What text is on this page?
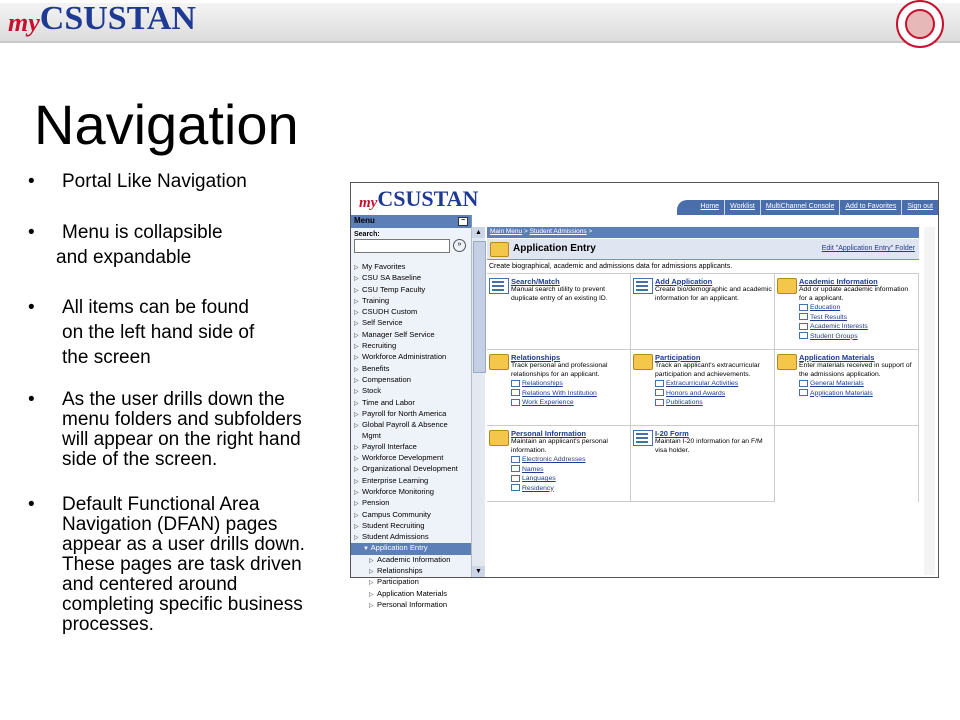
my CSUSTAN
Navigation
• Portal Like Navigation
• Menu is collapsible
and expandable
• All items can be found
on the left hand side of
the screen
• As the user drills down the menu folders and subfolders will appear on the right hand side of the screen.
• Default Functional Area Navigation (DFAN) pages appear as a user drills down. These pages are task driven and centered around completing specific business processes.
my CSUSTAN	Home	Worklist	MultiChannel Console	Add to Favorites	Sign out
Menu	−
Search:
»
▷ My Favorites
▷ CSU SA Baseline
▷ CSU Temp Faculty
▷ Training
▷ CSUDH Custom
▷ Self Service
▷ Manager Self Service
▷ Recruiting
▷ Workforce Administration
▷ Benefits
▷ Compensation
▷ Stock
▷ Time and Labor
▷ Payroll for North America
▷ Global Payroll & Absence
Mgmt
▷ Payroll Interface
▷ Workforce Development
▷ Organizational Development
▷ Enterprise Learning
▷ Workforce Monitoring
▷ Pension
▷ Campus Community
▷ Student Recruiting
▷ Student Admissions
▼ Application Entry
▷ Academic Information
▷ Relationships
▷ Participation
▷ Application Materials
▷ Personal Information
▲
▼
Main Menu > Student Admissions >
Application Entry	Edit "Application Entry" Folder
Create biographical, academic and admissions data for admissions applicants.
Search/Match
Manual search utility to prevent duplicate entry of an existing ID.
Add Application
Create bio/demographic and academic information for an applicant.
Academic Information
Add or update academic information for a applicant.
Education
Test Results
Academic Interests
Student Groups
Relationships
Track personal and professional relationships for an applicant.
Relationships
Relations With Institution
Work Experience
Participation
Track an applicant's extracurricular participation and achievements.
Extracurricular Activities
Honors and Awards
Publications
Application Materials
Enter materials received in support of the admissions application.
General Materials
Application Materials
Personal Information
Maintain an applicant's personal information.
Electronic Addresses
Names
Languages
Residency
I-20 Form
Maintain I-20 information for an F/M visa holder.
